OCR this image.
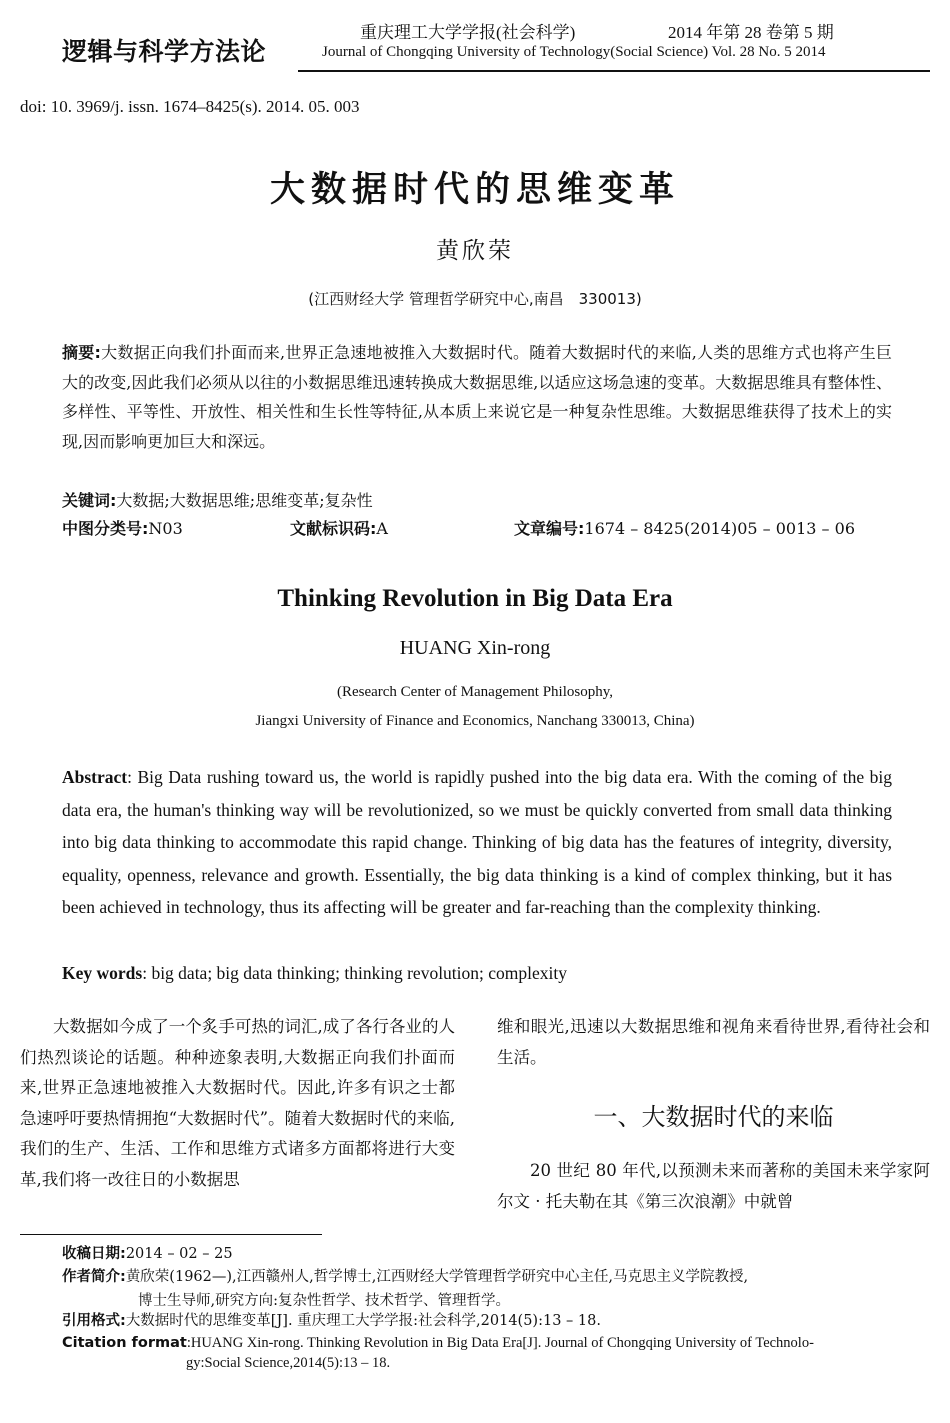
逻辑与科学方法论
重庆理工大学学报(社会科学)	2014 年第 28 卷第 5 期
Journal of Chongqing University of Technology(Social Science) Vol. 28 No. 5 2014
doi: 10. 3969/j. issn. 1674–8425(s). 2014. 05. 003
大数据时代的思维变革
黄欣荣
(江西财经大学 管理哲学研究中心,南昌　330013)
摘要:大数据正向我们扑面而来,世界正急速地被推入大数据时代。随着大数据时代的来临,人类的思维方式也将产生巨大的改变,因此我们必须从以往的小数据思维迅速转换成大数据思维,以适应这场急速的变革。大数据思维具有整体性、多样性、平等性、开放性、相关性和生长性等特征,从本质上来说它是一种复杂性思维。大数据思维获得了技术上的实现,因而影响更加巨大和深远。
关键词:大数据;大数据思维;思维变革;复杂性
中图分类号:N03	文献标识码:A	文章编号:1674 – 8425(2014)05 – 0013 – 06
Thinking Revolution in Big Data Era
HUANG Xin-rong
(Research Center of Management Philosophy,
Jiangxi University of Finance and Economics, Nanchang 330013, China)
Abstract: Big Data rushing toward us, the world is rapidly pushed into the big data era. With the coming of the big data era, the human's thinking way will be revolutionized, so we must be quickly converted from small data thinking into big data thinking to accommodate this rapid change. Thinking of big data has the features of integrity, diversity, equality, openness, relevance and growth. Essentially, the big data thinking is a kind of complex thinking, but it has been achieved in technology, thus its affecting will be greater and far-reaching than the complexity thinking.
Key words: big data; big data thinking; thinking revolution; complexity
大数据如今成了一个炙手可热的词汇,成了各行各业的人们热烈谈论的话题。种种迹象表明,大数据正向我们扑面而来,世界正急速地被推入大数据时代。因此,许多有识之士都急速呼吁要热情拥抱“大数据时代”。随着大数据时代的来临,我们的生产、生活、工作和思维方式诸多方面都将进行大变革,我们将一改往日的小数据思
维和眼光,迅速以大数据思维和视角来看待世界,看待社会和生活。
一、大数据时代的来临
20 世纪 80 年代,以预测未来而著称的美国未来学家阿尔文 · 托夫勒在其《第三次浪潮》中就曾
收稿日期:2014 – 02 – 25
作者简介:黄欣荣(1962—),江西赣州人,哲学博士,江西财经大学管理哲学研究中心主任,马克思主义学院教授,
博士生导师,研究方向:复杂性哲学、技术哲学、管理哲学。
引用格式:大数据时代的思维变革[J]. 重庆理工大学学报:社会科学,2014(5):13 – 18.
Citation format:HUANG Xin-rong. Thinking Revolution in Big Data Era[J]. Journal of Chongqing University of Technolo-
gy:Social Science,2014(5):13 – 18.
